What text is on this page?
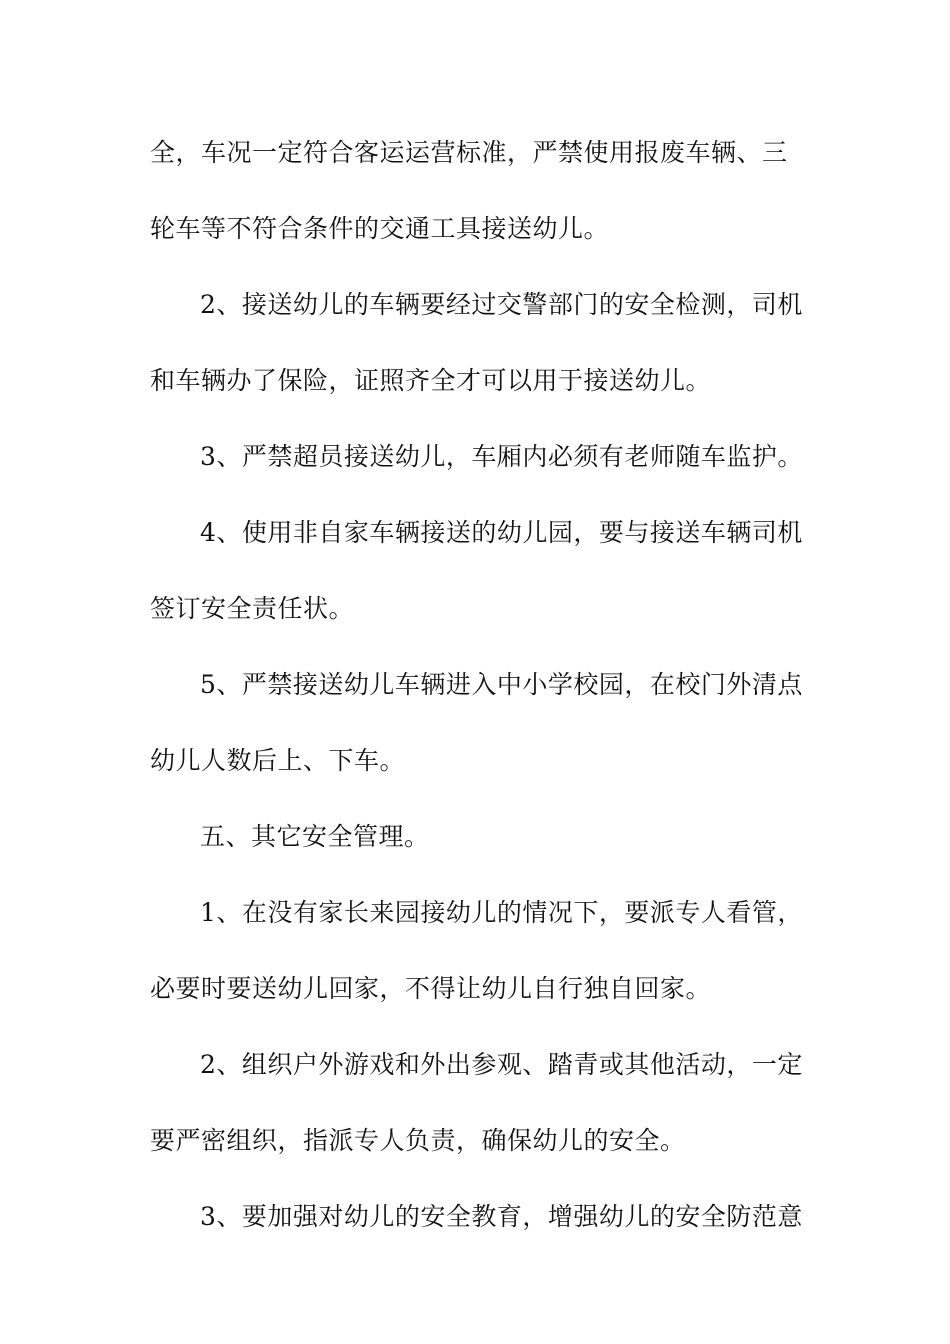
全，车况一定符合客运运营标准，严禁使用报废车辆、三
轮车等不符合条件的交通工具接送幼儿。
2、接送幼儿的车辆要经过交警部门的安全检测，司机
和车辆办了保险，证照齐全才可以用于接送幼儿。
3、严禁超员接送幼儿，车厢内必须有老师随车监护。
4、使用非自家车辆接送的幼儿园，要与接送车辆司机
签订安全责任状。
5、严禁接送幼儿车辆进入中小学校园，在校门外清点
幼儿人数后上、下车。
五、其它安全管理。
1、在没有家长来园接幼儿的情况下，要派专人看管，
必要时要送幼儿回家，不得让幼儿自行独自回家。
2、组织户外游戏和外出参观、踏青或其他活动，一定
要严密组织，指派专人负责，确保幼儿的安全。
3、要加强对幼儿的安全教育，增强幼儿的安全防范意
